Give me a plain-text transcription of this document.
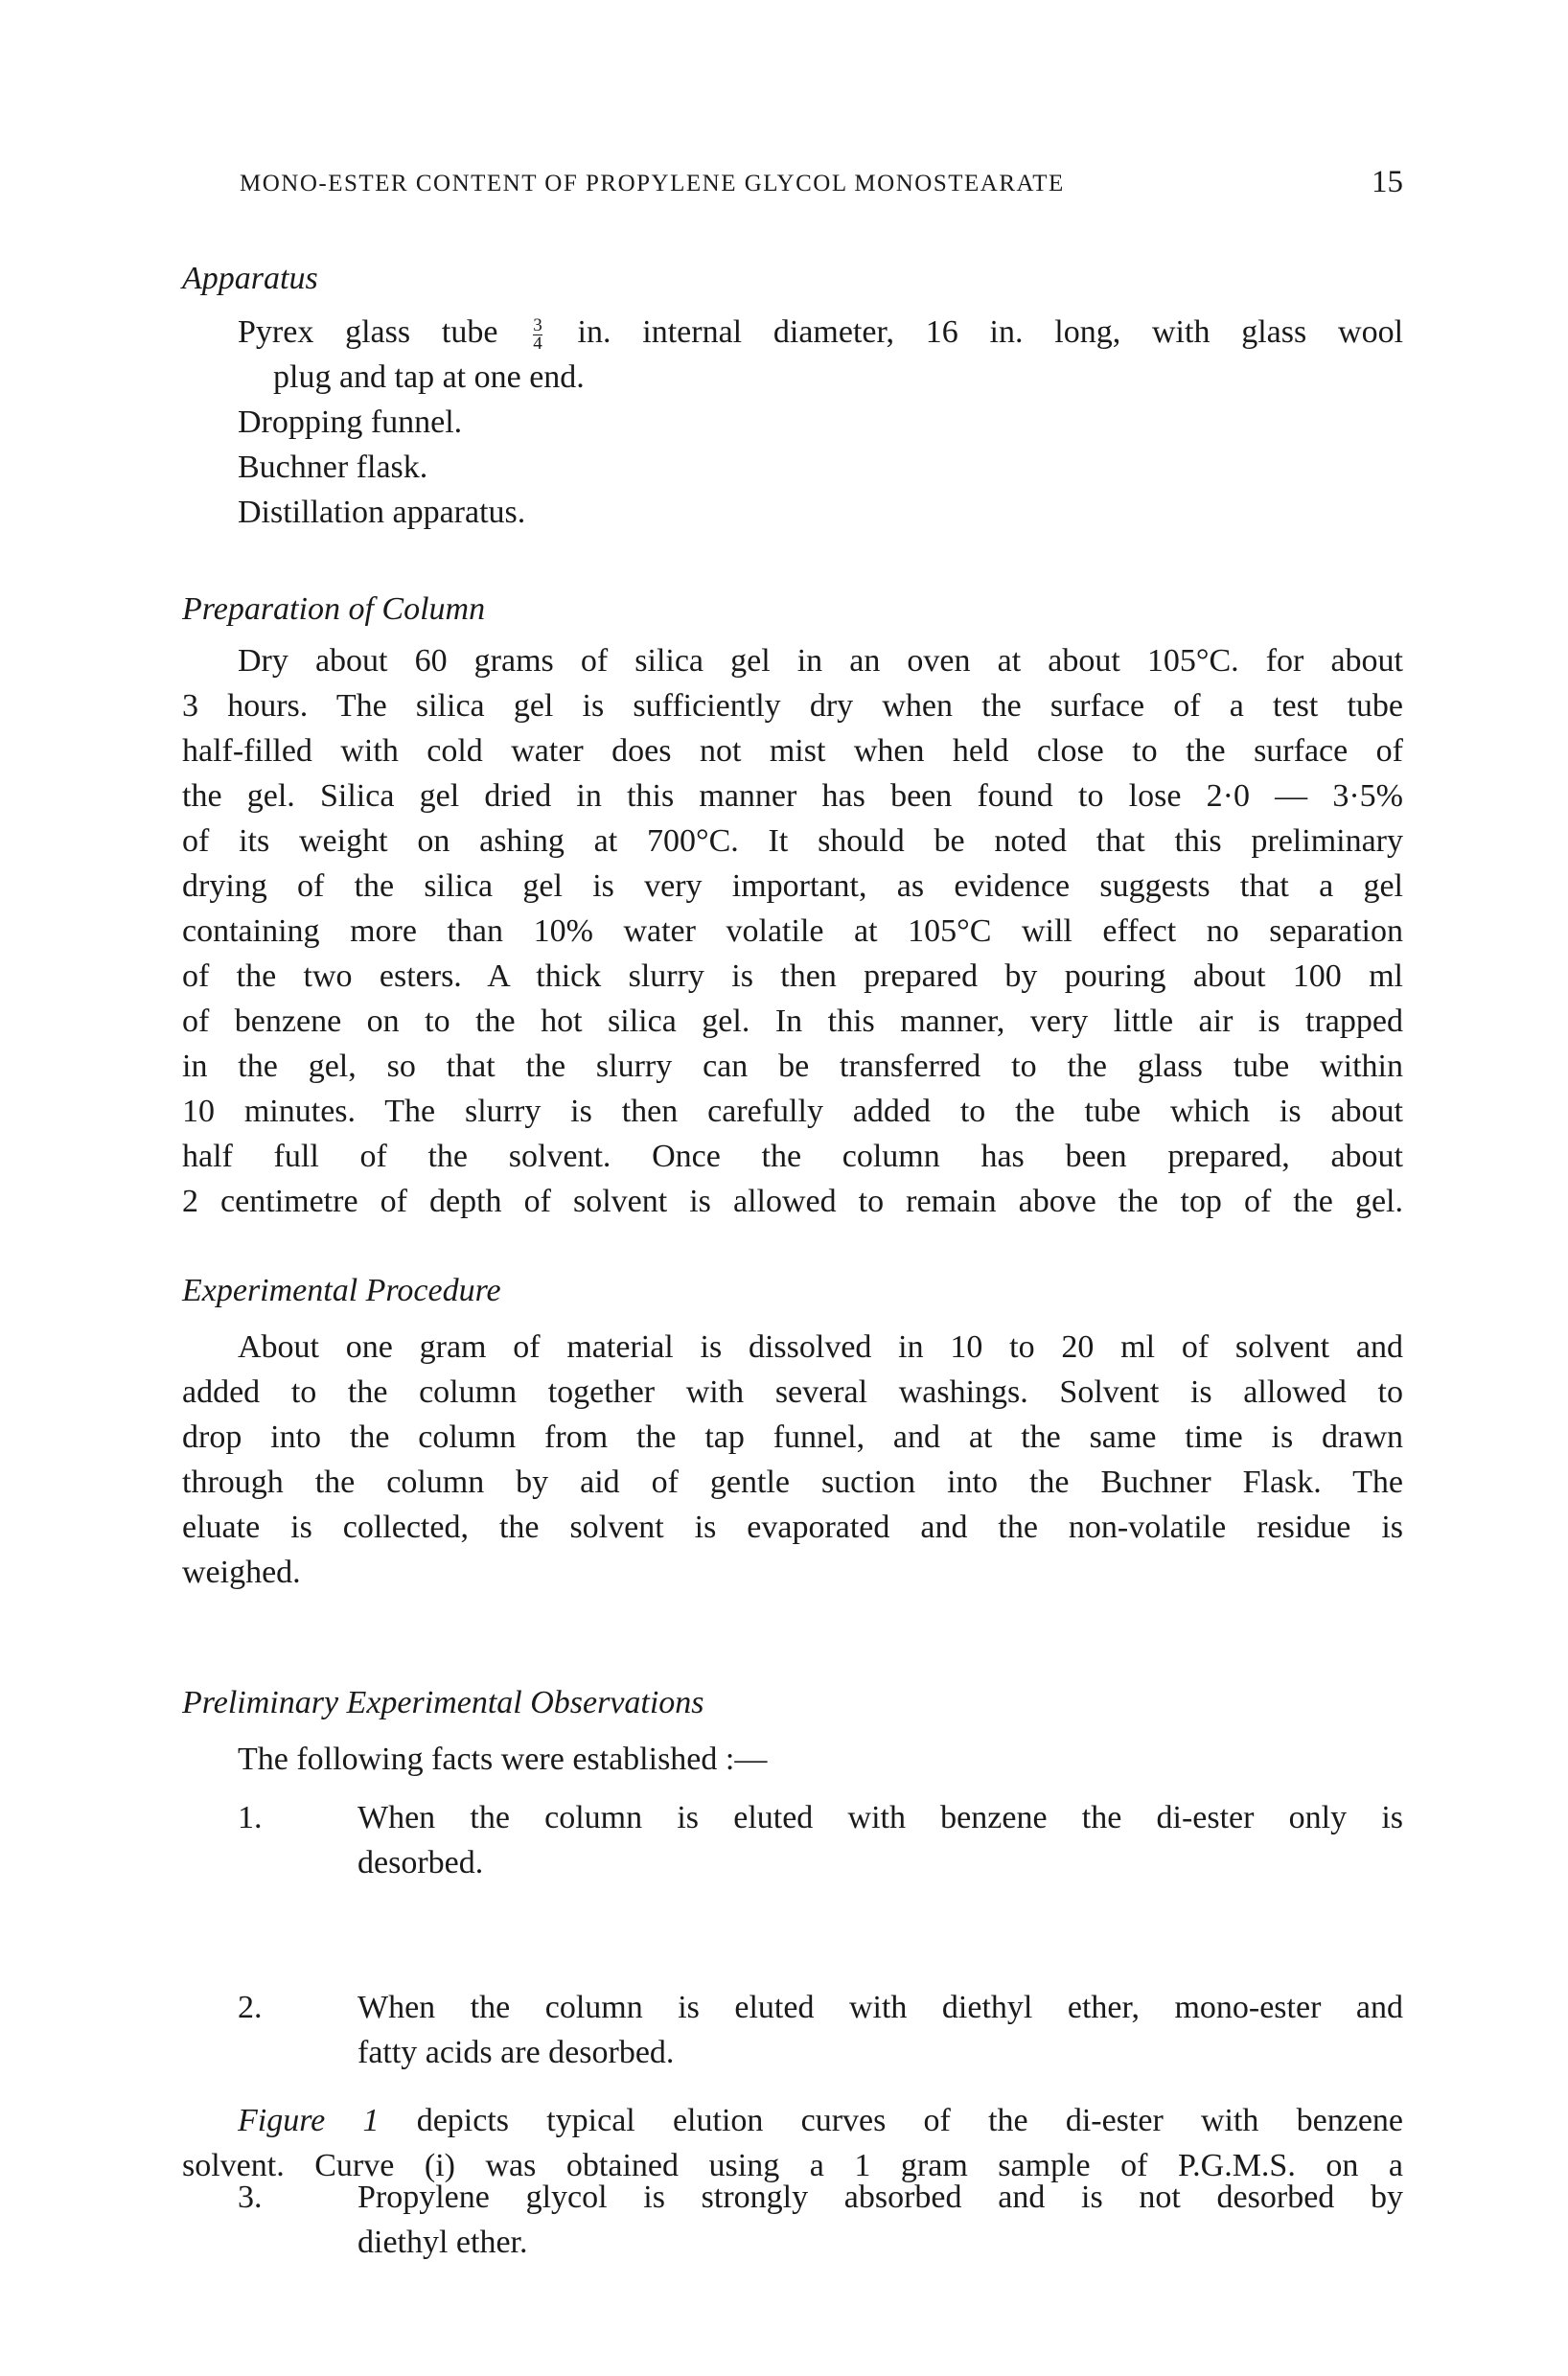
MONO-ESTER CONTENT OF PROPYLENE GLYCOL MONOSTEARATE	15
Apparatus
Pyrex glass tube $\frac{3}{4}$ in. internal diameter, 16 in. long, with glass wool
plug and tap at one end.
Dropping funnel.
Buchner flask.
Distillation apparatus.
Preparation of Column
Dry about 60 grams of silica gel in an oven at about 105°C. for about
3 hours. The silica gel is sufficiently dry when the surface of a test tube
half-filled with cold water does not mist when held close to the surface of
the gel. Silica gel dried in this manner has been found to lose 2·0 — 3·5%
of its weight on ashing at 700°C. It should be noted that this preliminary
drying of the silica gel is very important, as evidence suggests that a gel
containing more than 10% water volatile at 105°C will effect no separation
of the two esters. A thick slurry is then prepared by pouring about 100 ml
of benzene on to the hot silica gel. In this manner, very little air is trapped
in the gel, so that the slurry can be transferred to the glass tube within
10 minutes. The slurry is then carefully added to the tube which is about
half full of the solvent. Once the column has been prepared, about
2 centimetre of depth of solvent is allowed to remain above the top of the gel.
Experimental Procedure
About one gram of material is dissolved in 10 to 20 ml of solvent and
added to the column together with several washings. Solvent is allowed to
drop into the column from the tap funnel, and at the same time is drawn
through the column by aid of gentle suction into the Buchner Flask. The
eluate is collected, the solvent is evaporated and the non-volatile residue is
weighed.
Preliminary Experimental Observations
The following facts were established :—
1.	When the column is eluted with benzene the di-ester only is
desorbed.
2.	When the column is eluted with diethyl ether, mono-ester and
fatty acids are desorbed.
3.	Propylene glycol is strongly absorbed and is not desorbed by
diethyl ether.
Figure 1 depicts typical elution curves of the di-ester with benzene
solvent. Curve (i) was obtained using a 1 gram sample of P.G.M.S. on a
